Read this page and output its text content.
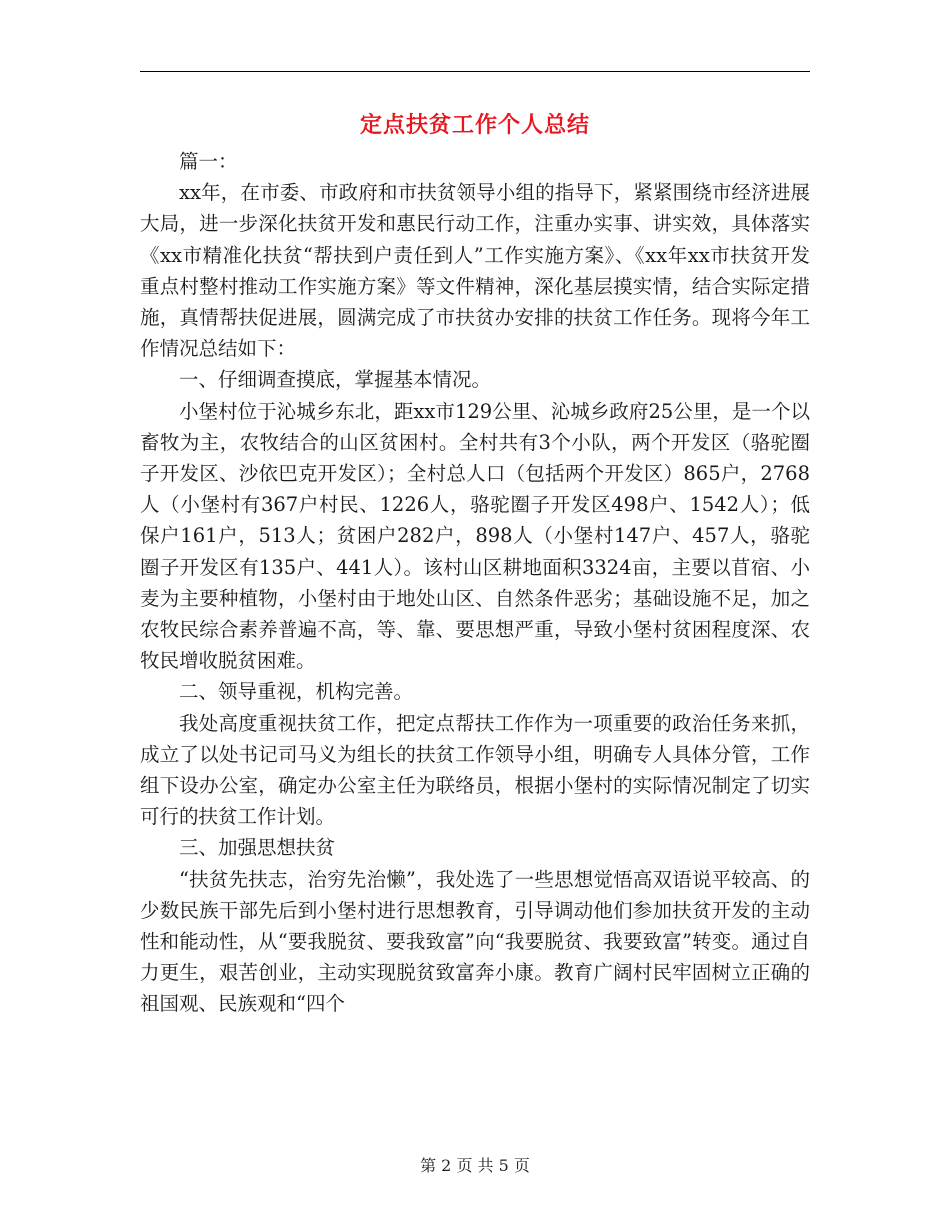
定点扶贫工作个人总结

篇一：

xx年，在市委、市政府和市扶贫领导小组的指导下，紧紧围绕市经济进展大局，进一步深化扶贫开发和惠民行动工作，注重办实事、讲实效，具体落实《xx市精准化扶贫“帮扶到户责任到人”工作实施方案》、《xx年xx市扶贫开发重点村整村推动工作实施方案》等文件精神，深化基层摸实情，结合实际定措施，真情帮扶促进展，圆满完成了市扶贫办安排的扶贫工作任务。现将今年工作情况总结如下：

一、仔细调查摸底，掌握基本情况。

小堡村位于沁城乡东北，距xx市129公里、沁城乡政府25公里，是一个以畜牧为主，农牧结合的山区贫困村。全村共有3个小队，两个开发区（骆驼圈子开发区、沙依巴克开发区）；全村总人口（包括两个开发区）865户，2768人（小堡村有367户村民、1226人，骆驼圈子开发区498户、1542人）；低保户161户，513人；贫困户282户，898人（小堡村147户、457人，骆驼圈子开发区有135户、441人）。该村山区耕地面积3324亩，主要以苜宿、小麦为主要种植物，小堡村由于地处山区、自然条件恶劣；基础设施不足，加之农牧民综合素养普遍不高，等、靠、要思想严重，导致小堡村贫困程度深、农牧民增收脱贫困难。

二、领导重视，机构完善。

我处高度重视扶贫工作，把定点帮扶工作作为一项重要的政治任务来抓，成立了以处书记司马义为组长的扶贫工作领导小组，明确专人具体分管，工作组下设办公室，确定办公室主任为联络员，根据小堡村的实际情况制定了切实可行的扶贫工作计划。

三、加强思想扶贫

“扶贫先扶志，治穷先治懒”，我处选了一些思想觉悟高双语说平较高、的少数民族干部先后到小堡村进行思想教育，引导调动他们参加扶贫开发的主动性和能动性，从“要我脱贫、要我致富”向“我要脱贫、我要致富”转变。通过自力更生，艰苦创业，主动实现脱贫致富奔小康。教育广阔村民牢固树立正确的祖国观、民族观和“四个

第 2 页 共 5 页
